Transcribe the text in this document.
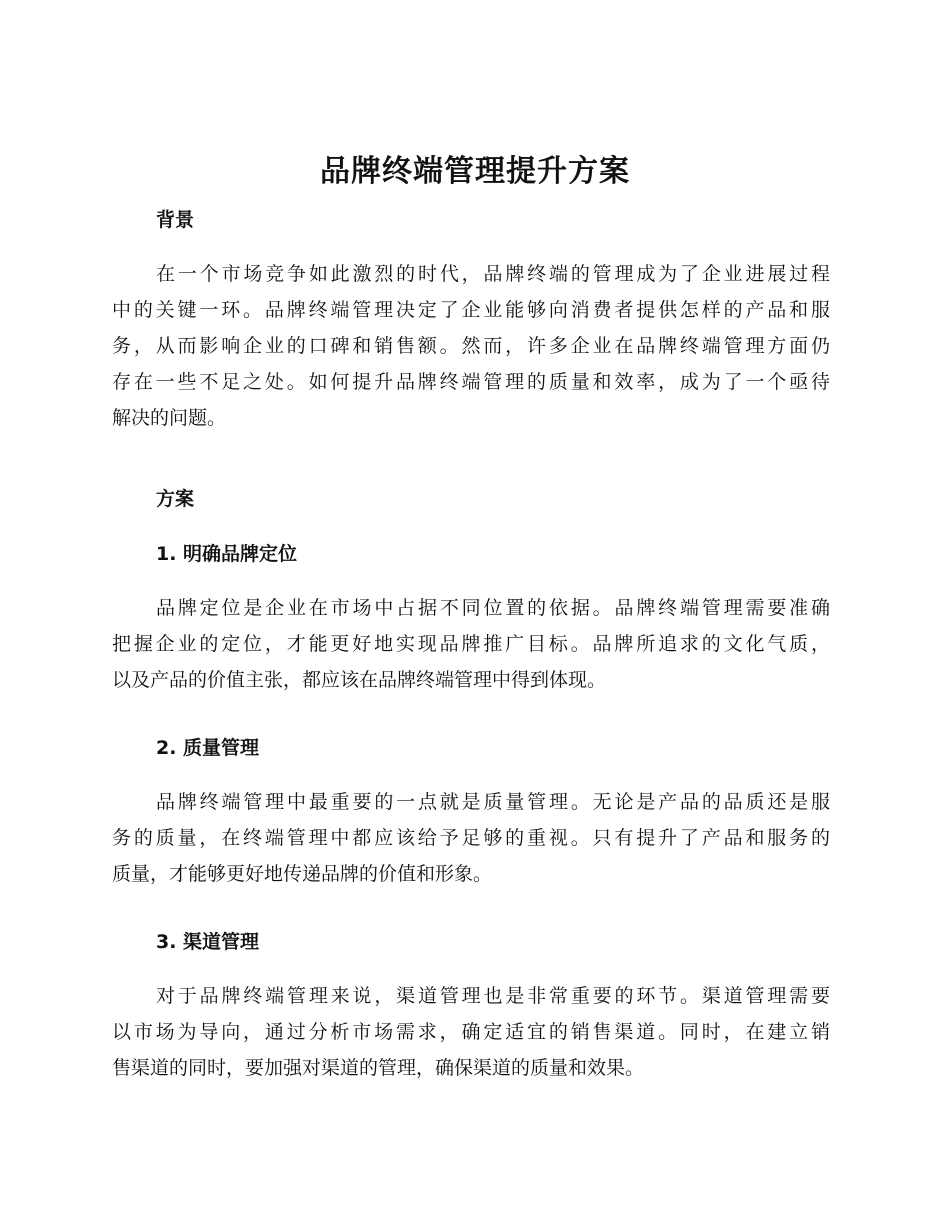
品牌终端管理提升方案
背景
在一个市场竞争如此激烈的时代，品牌终端的管理成为了企业进展过程
中的关键一环。品牌终端管理决定了企业能够向消费者提供怎样的产品和服
务，从而影响企业的口碑和销售额。然而，许多企业在品牌终端管理方面仍
存在一些不足之处。如何提升品牌终端管理的质量和效率，成为了一个亟待
解决的问题。
方案
1. 明确品牌定位
品牌定位是企业在市场中占据不同位置的依据。品牌终端管理需要准确
把握企业的定位，才能更好地实现品牌推广目标。品牌所追求的文化气质，
以及产品的价值主张，都应该在品牌终端管理中得到体现。
2. 质量管理
品牌终端管理中最重要的一点就是质量管理。无论是产品的品质还是服
务的质量，在终端管理中都应该给予足够的重视。只有提升了产品和服务的
质量，才能够更好地传递品牌的价值和形象。
3. 渠道管理
对于品牌终端管理来说，渠道管理也是非常重要的环节。渠道管理需要
以市场为导向，通过分析市场需求，确定适宜的销售渠道。同时，在建立销
售渠道的同时，要加强对渠道的管理，确保渠道的质量和效果。
